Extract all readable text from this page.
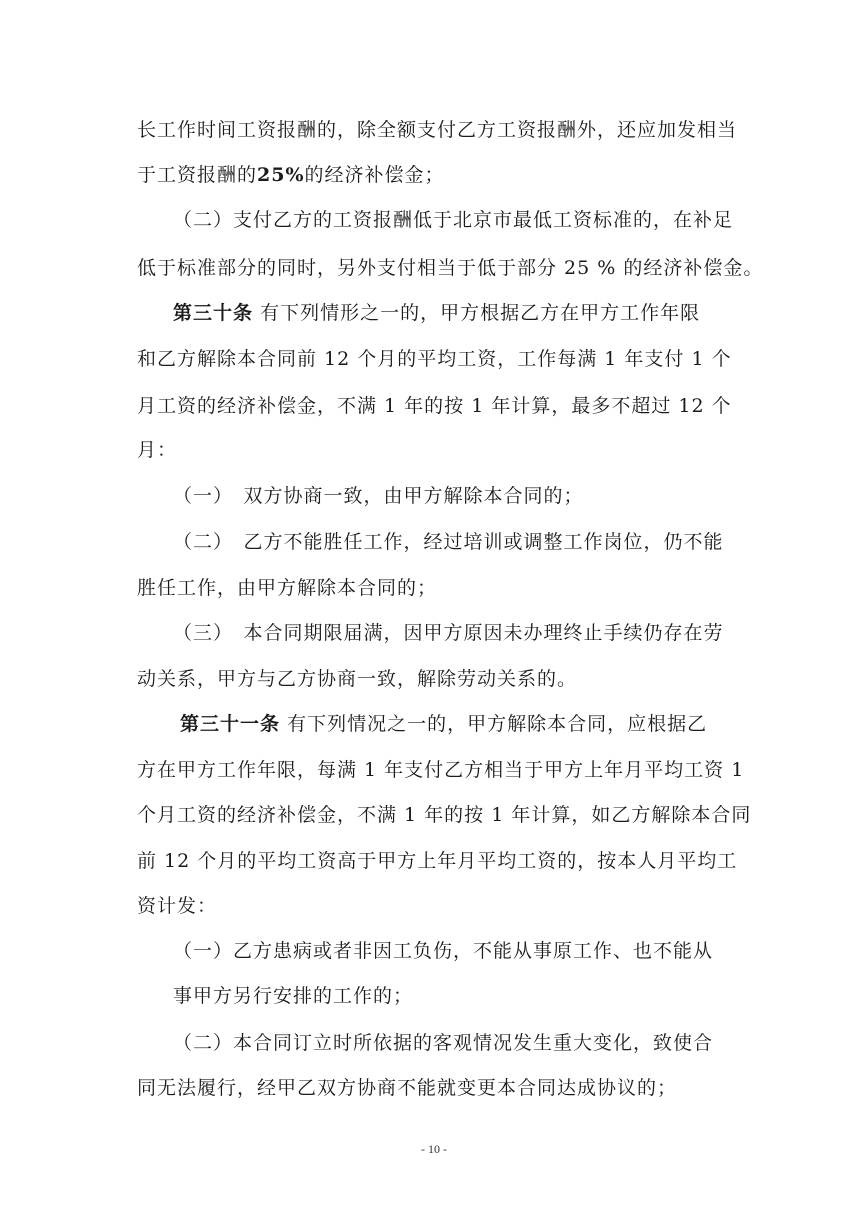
长工作时间工资报酬的，除全额支付乙方工资报酬外，还应加发相当
于工资报酬的25%的经济补偿金；
（二）支付乙方的工资报酬低于北京市最低工资标准的，在补足
低于标准部分的同时，另外支付相当于低于部分 25 % 的经济补偿金。
第三十条 有下列情形之一的，甲方根据乙方在甲方工作年限
和乙方解除本合同前 12 个月的平均工资，工作每满 1 年支付 1 个
月工资的经济补偿金，不满 1 年的按 1 年计算，最多不超过 12 个
月：
（一）　双方协商一致，由甲方解除本合同的；
（二）　乙方不能胜任工作，经过培训或调整工作岗位，仍不能
胜任工作，由甲方解除本合同的；
（三）　本合同期限届满，因甲方原因未办理终止手续仍存在劳
动关系，甲方与乙方协商一致，解除劳动关系的。
第三十一条 有下列情况之一的，甲方解除本合同，应根据乙
方在甲方工作年限，每满 1 年支付乙方相当于甲方上年月平均工资 1
个月工资的经济补偿金，不满 1 年的按 1 年计算，如乙方解除本合同
前 12 个月的平均工资高于甲方上年月平均工资的，按本人月平均工
资计发：
（一）乙方患病或者非因工负伤，不能从事原工作、也不能从
事甲方另行安排的工作的；
（二）本合同订立时所依据的客观情况发生重大变化，致使合
同无法履行，经甲乙双方协商不能就变更本合同达成协议的；
- 10 -
